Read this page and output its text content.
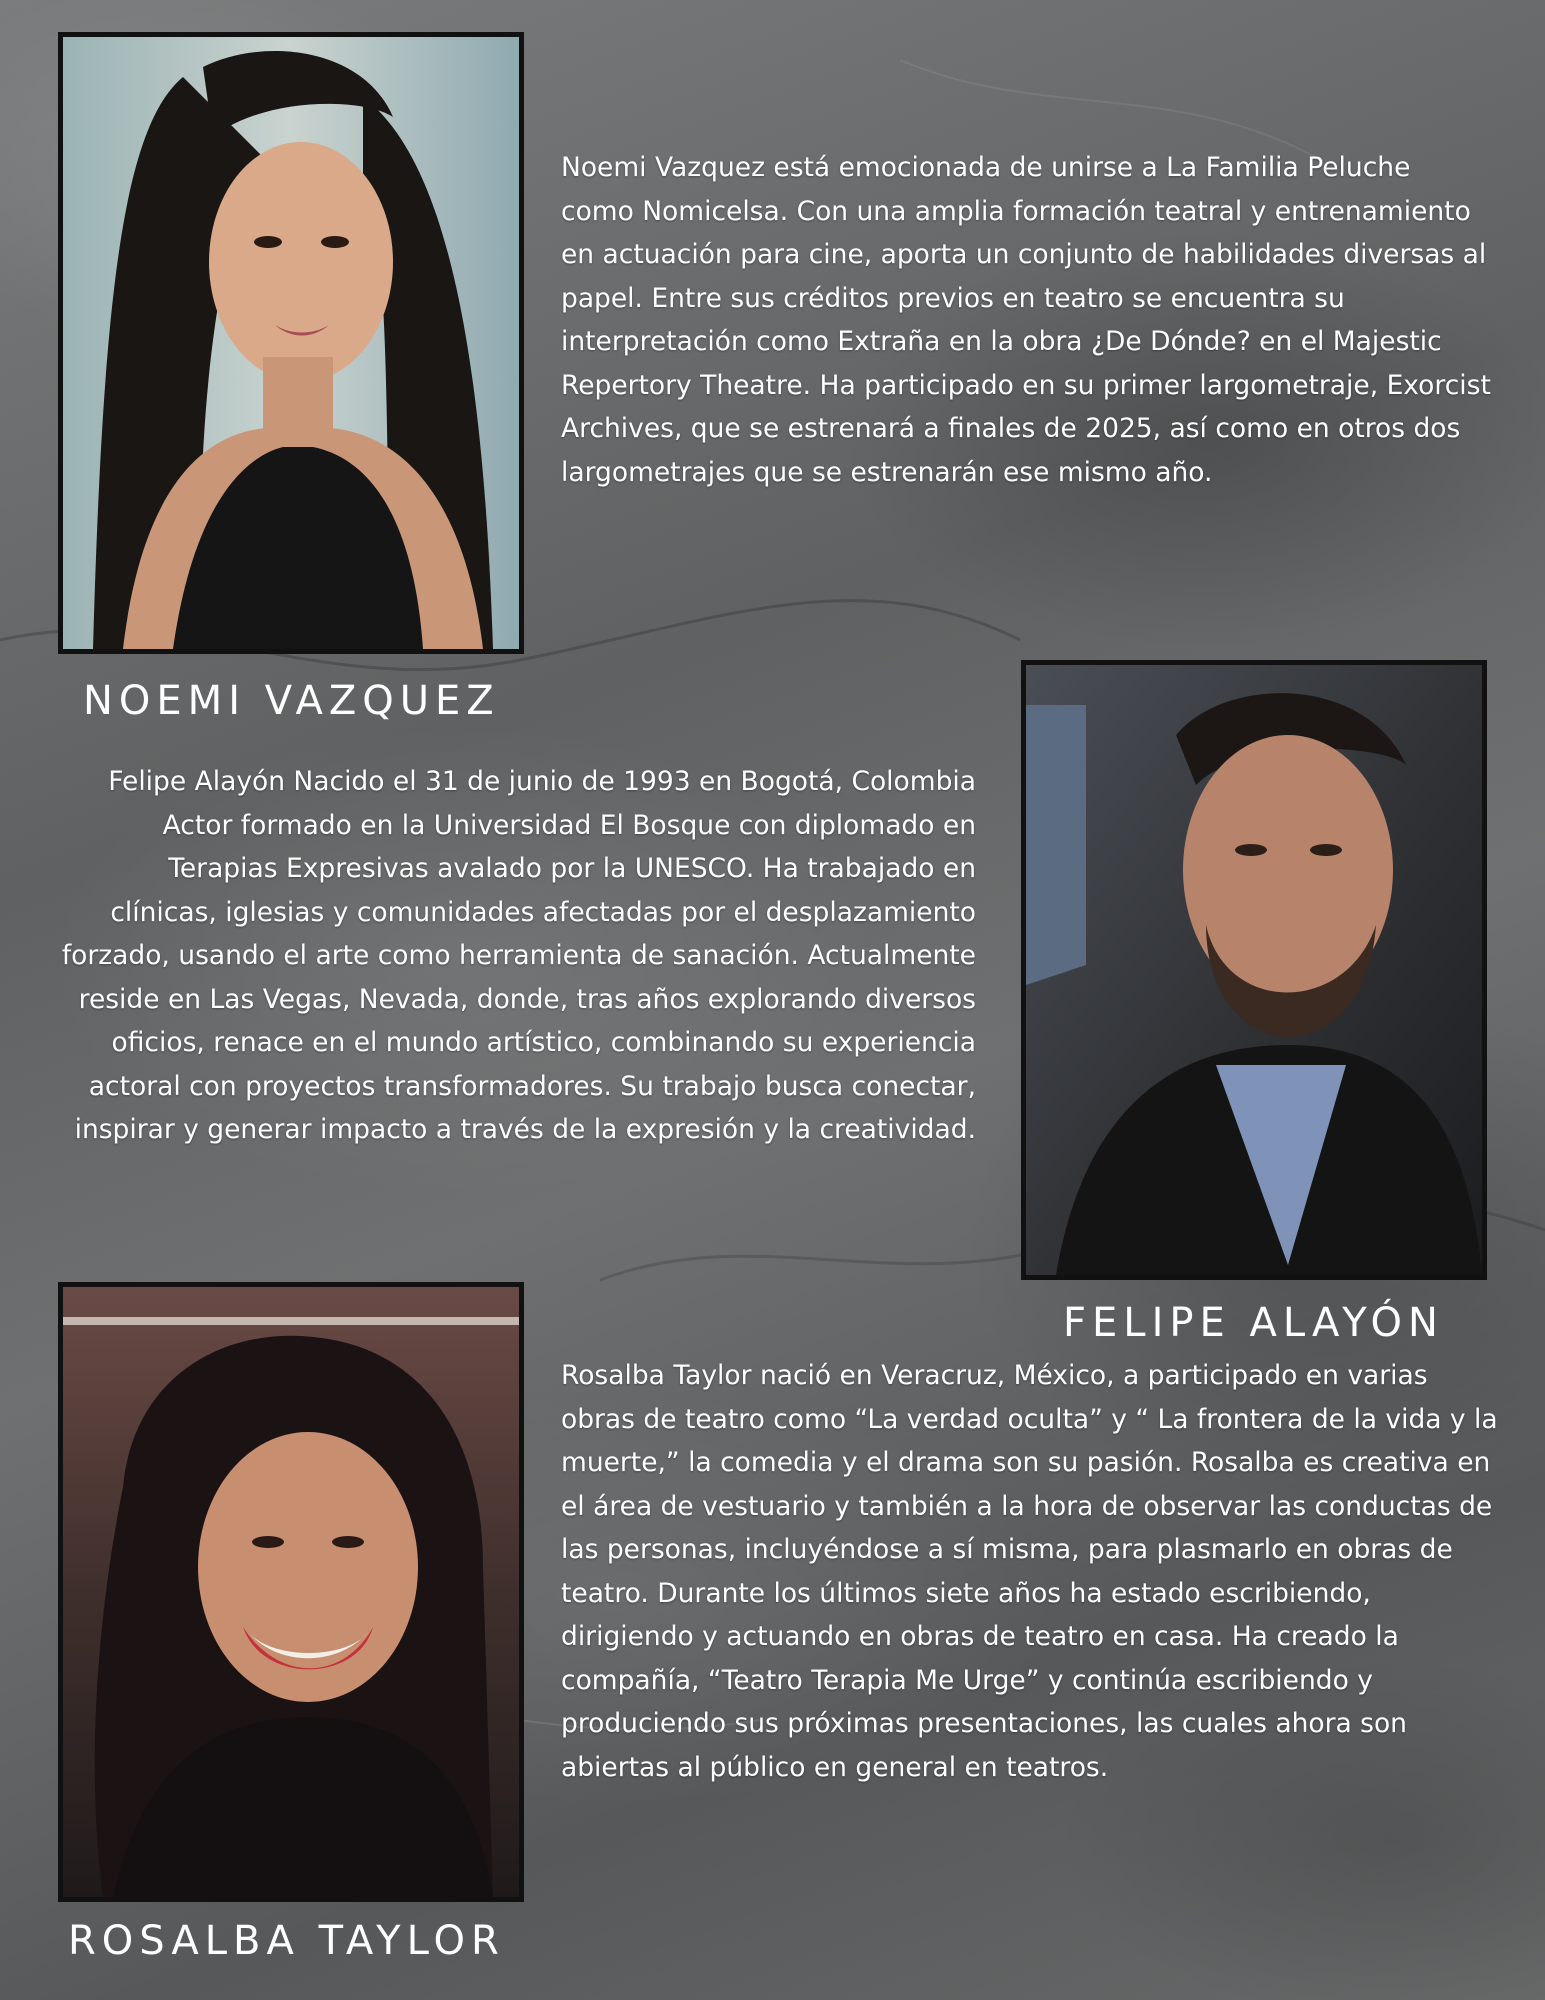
NOEMI VAZQUEZ

Noemi Vazquez está emocionada de unirse a La Familia Peluche como Nomicelsa. Con una amplia formación teatral y entrenamiento en actuación para cine, aporta un conjunto de habilidades diversas al papel. Entre sus créditos previos en teatro se encuentra su interpretación como Extraña en la obra ¿De Dónde? en el Majestic Repertory Theatre. Ha participado en su primer largometraje, Exorcist Archives, que se estrenará a finales de 2025, así como en otros dos largometrajes que se estrenarán ese mismo año.

FELIPE ALAYÓN

Felipe Alayón Nacido el 31 de junio de 1993 en Bogotá, Colombia Actor formado en la Universidad El Bosque con diplomado en Terapias Expresivas avalado por la UNESCO. Ha trabajado en clínicas, iglesias y comunidades afectadas por el desplazamiento forzado, usando el arte como herramienta de sanación. Actualmente reside en Las Vegas, Nevada, donde, tras años explorando diversos oficios, renace en el mundo artístico, combinando su experiencia actoral con proyectos transformadores. Su trabajo busca conectar, inspirar y generar impacto a través de la expresión y la creatividad.

ROSALBA TAYLOR

Rosalba Taylor nació en Veracruz, México, a participado en varias obras de teatro como “La verdad oculta” y “ La frontera de la vida y la muerte,” la comedia y el drama son su pasión. Rosalba es creativa en el área de vestuario y también a la hora de observar las conductas de las personas, incluyéndose a sí misma, para plasmarlo en obras de teatro. Durante los últimos siete años ha estado escribiendo, dirigiendo y actuando en obras de teatro en casa. Ha creado la compañía, “Teatro Terapia Me Urge” y continúa escribiendo y produciendo sus próximas presentaciones, las cuales ahora son abiertas al público en general en teatros.
